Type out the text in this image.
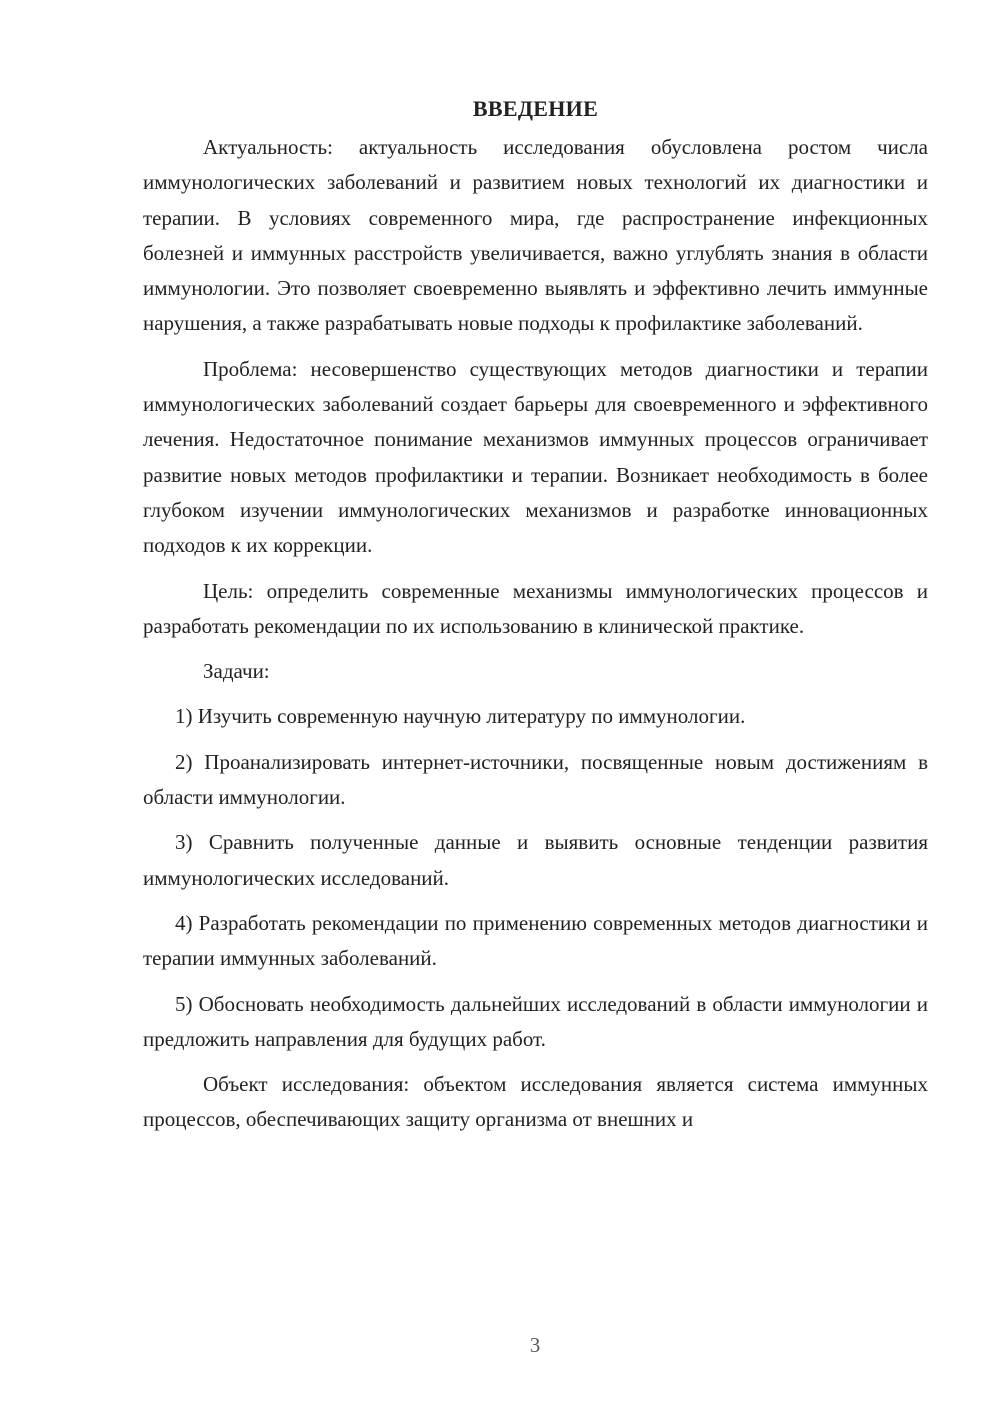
ВВЕДЕНИЕ

Актуальность: актуальность исследования обусловлена ростом числа иммунологических заболеваний и развитием новых технологий их диагностики и терапии. В условиях современного мира, где распространение инфекционных болезней и иммунных расстройств увеличивается, важно углублять знания в области иммунологии. Это позволяет своевременно выявлять и эффективно лечить иммунные нарушения, а также разрабатывать новые подходы к профилактике заболеваний.

Проблема: несовершенство существующих методов диагностики и терапии иммунологических заболеваний создает барьеры для своевременного и эффективного лечения. Недостаточное понимание механизмов иммунных процессов ограничивает развитие новых методов профилактики и терапии. Возникает необходимость в более глубоком изучении иммунологических механизмов и разработке инновационных подходов к их коррекции.

Цель: определить современные механизмы иммунологических процессов и разработать рекомендации по их использованию в клинической практике.

Задачи:

1) Изучить современную научную литературу по иммунологии.

2) Проанализировать интернет-источники, посвященные новым достижениям в области иммунологии.

3) Сравнить полученные данные и выявить основные тенденции развития иммунологических исследований.

4) Разработать рекомендации по применению современных методов диагностики и терапии иммунных заболеваний.

5) Обосновать необходимость дальнейших исследований в области иммунологии и предложить направления для будущих работ.

Объект исследования: объектом исследования является система иммунных процессов, обеспечивающих защиту организма от внешних и

3
